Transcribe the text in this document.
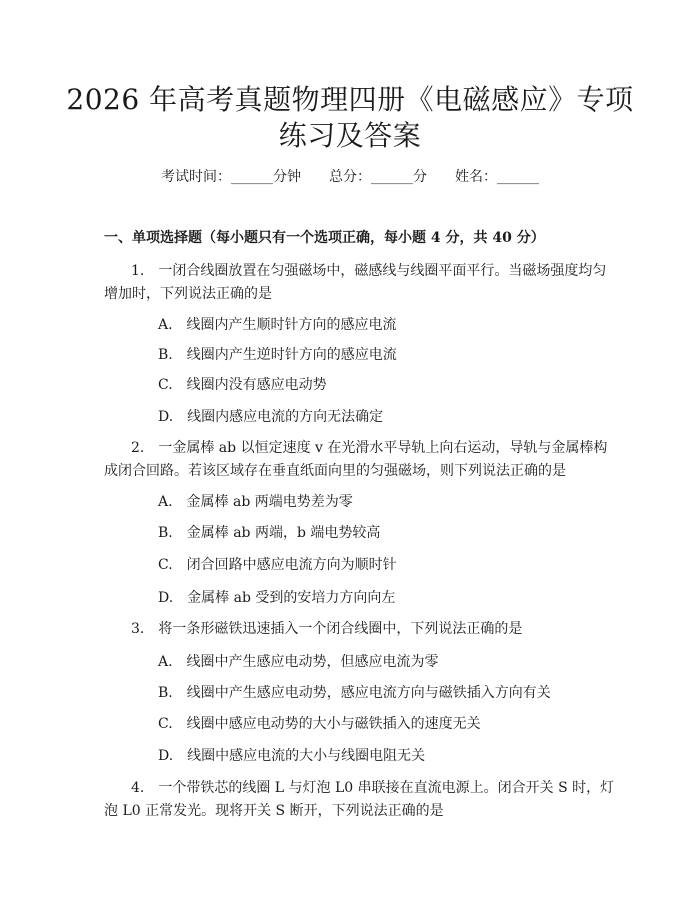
2026 年高考真题物理四册《电磁感应》专项
练习及答案
考试时间：______分钟 总分：______分 姓名：______
一、单项选择题（每小题只有一个选项正确，每小题 4 分，共 40 分）
1.　一闭合线圈放置在匀强磁场中，磁感线与线圈平面平行。当磁场强度均匀
增加时，下列说法正确的是
A.　线圈内产生顺时针方向的感应电流
B.　线圈内产生逆时针方向的感应电流
C.　线圈内没有感应电动势
D.　线圈内感应电流的方向无法确定
2.　一金属棒 ab 以恒定速度 v 在光滑水平导轨上向右运动，导轨与金属棒构
成闭合回路。若该区域存在垂直纸面向里的匀强磁场，则下列说法正确的是
A.　金属棒 ab 两端电势差为零
B.　金属棒 ab 两端，b 端电势较高
C.　闭合回路中感应电流方向为顺时针
D.　金属棒 ab 受到的安培力方向向左
3.　将一条形磁铁迅速插入一个闭合线圈中，下列说法正确的是
A.　线圈中产生感应电动势，但感应电流为零
B.　线圈中产生感应电动势，感应电流方向与磁铁插入方向有关
C.　线圈中感应电动势的大小与磁铁插入的速度无关
D.　线圈中感应电流的大小与线圈电阻无关
4.　一个带铁芯的线圈 L 与灯泡 L0 串联接在直流电源上。闭合开关 S 时，灯
泡 L0 正常发光。现将开关 S 断开，下列说法正确的是
